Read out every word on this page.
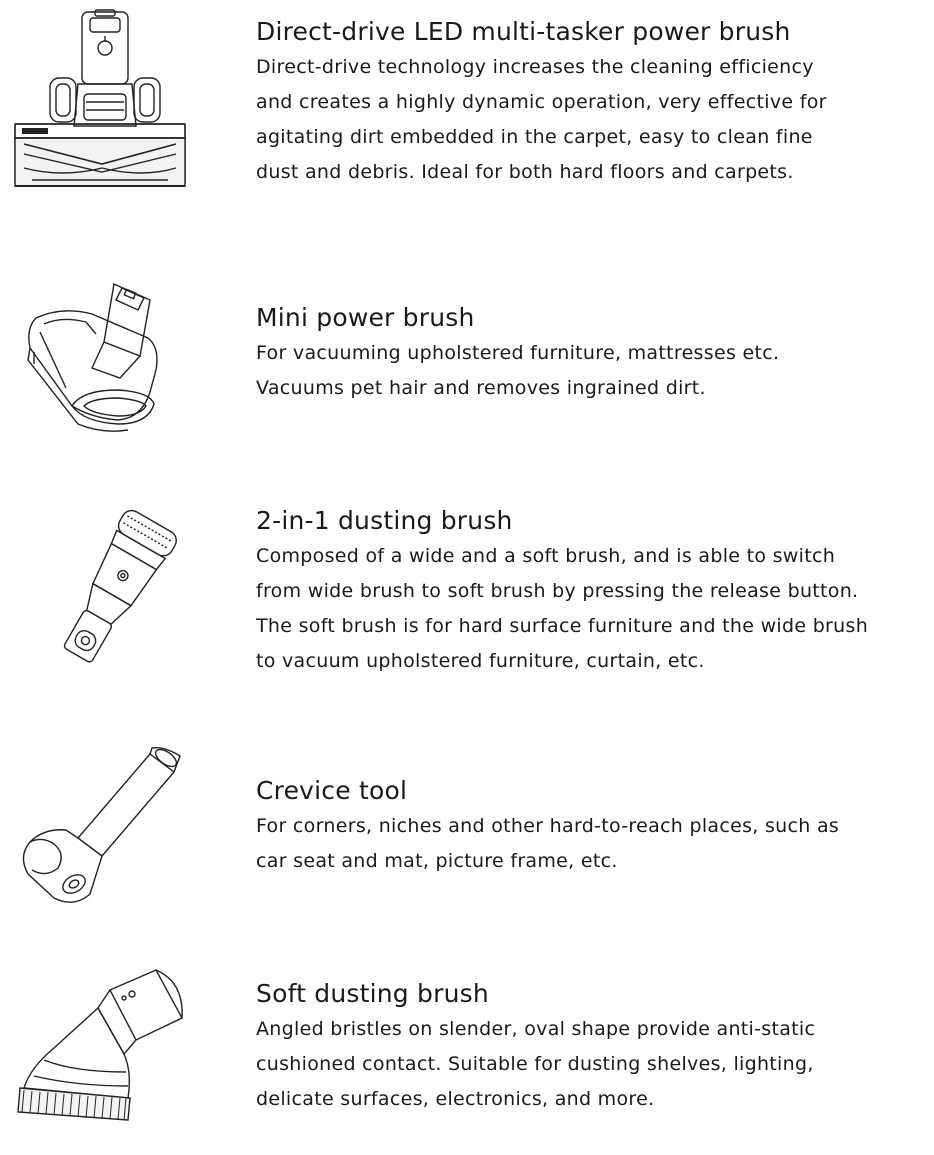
Direct-drive LED multi-tasker power brush

Direct-drive technology increases the cleaning efficiency
and creates a highly dynamic operation, very effective for
agitating dirt embedded in the carpet, easy to clean fine
dust and debris. Ideal for both hard floors and carpets.

Mini power brush

For vacuuming upholstered furniture, mattresses etc.
Vacuums pet hair and removes ingrained dirt.

2-in-1 dusting brush

Composed of a wide and a soft brush, and is able to switch
from wide brush to soft brush by pressing the release button.
The soft brush is for hard surface furniture and the wide brush
to vacuum upholstered furniture, curtain, etc.

Crevice tool

For corners, niches and other hard-to-reach places, such as
car seat and mat, picture frame, etc.

Soft dusting brush

Angled bristles on slender, oval shape provide anti-static
cushioned contact. Suitable for dusting shelves, lighting,
delicate surfaces, electronics, and more.
